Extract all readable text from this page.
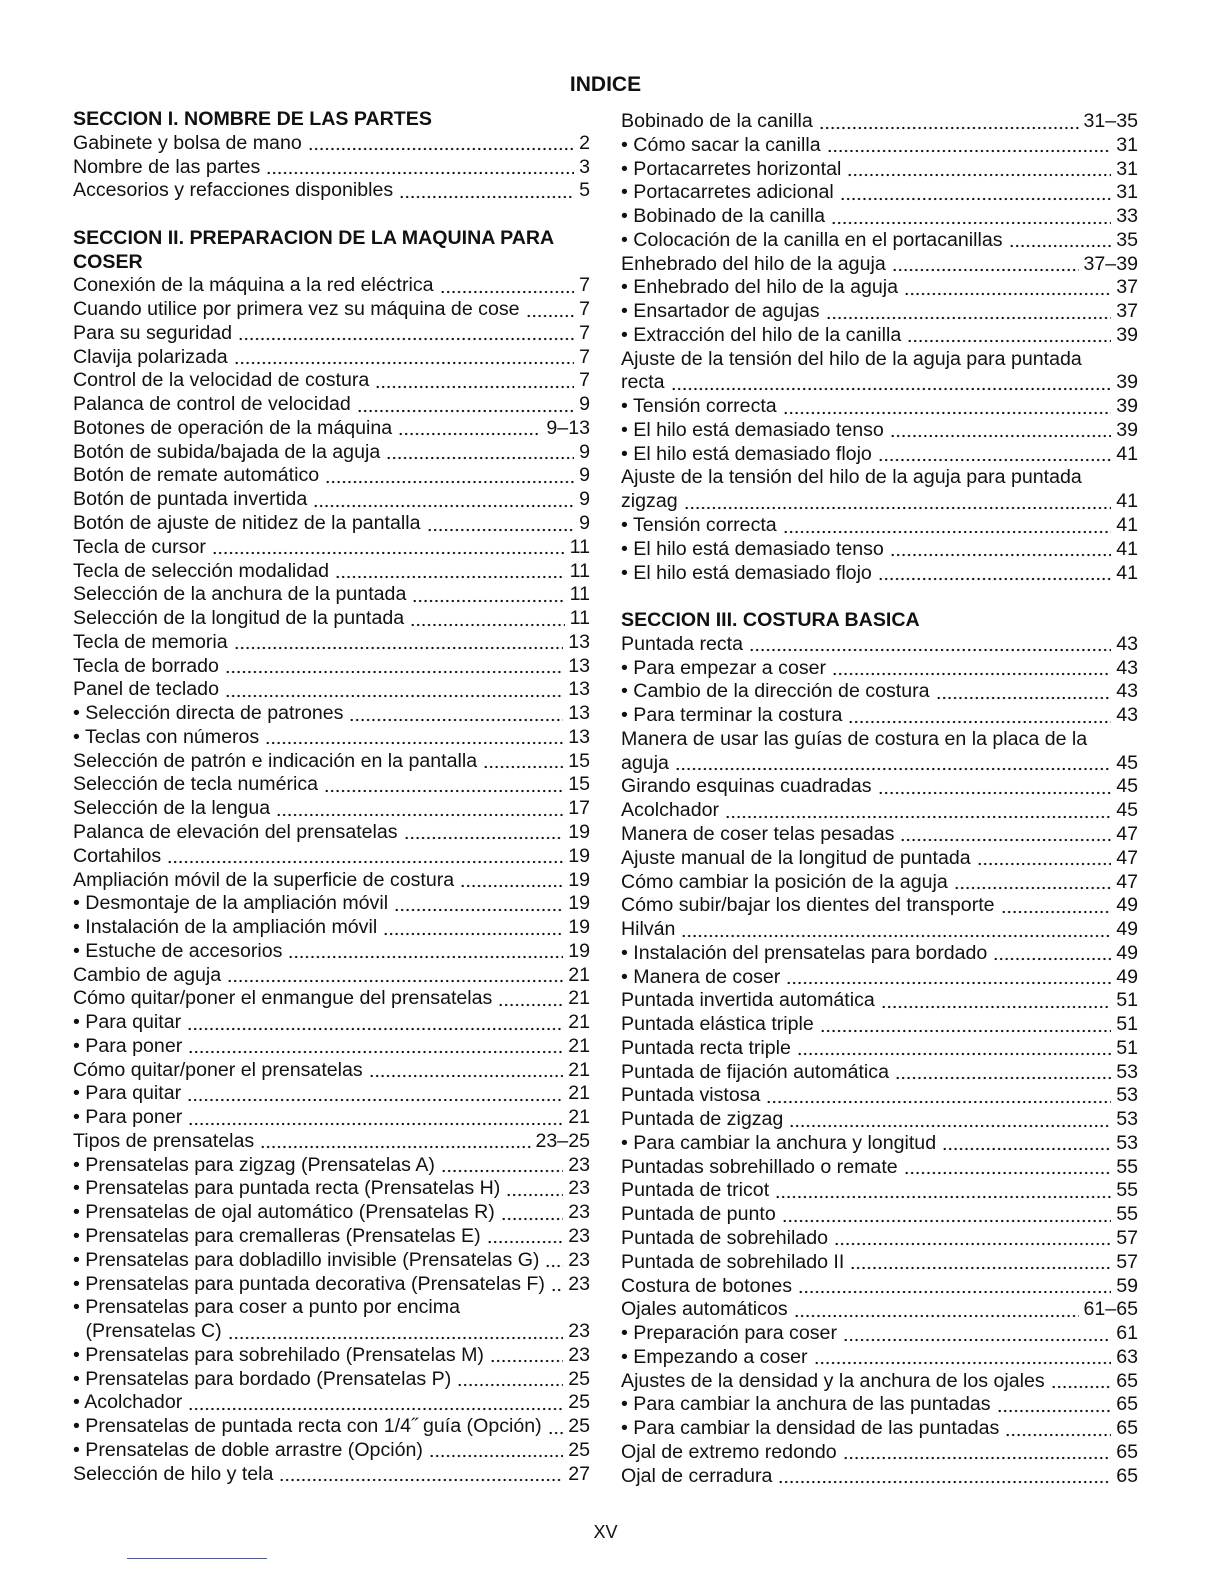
INDICE
SECCION I. NOMBRE DE LAS PARTES
Gabinete y bolsa de mano	2
Nombre de las partes	3
Accesorios y refacciones disponibles	5
SECCION II. PREPARACION DE LA MAQUINA PARA
COSER
Conexión de la máquina a la red eléctrica	7
Cuando utilice por primera vez su máquina de cose	7
Para su seguridad	7
Clavija polarizada	7
Control de la velocidad de costura	7
Palanca de control de velocidad	9
Botones de operación de la máquina	9–13
Botón de subida/bajada de la aguja	9
Botón de remate automático	9
Botón de puntada invertida	9
Botón de ajuste de nitidez de la pantalla	9
Tecla de cursor	11
Tecla de selección modalidad	11
Selección de la anchura de la puntada	11
Selección de la longitud de la puntada	11
Tecla de memoria	13
Tecla de borrado	13
Panel de teclado	13
• Selección directa de patrones	13
• Teclas con números	13
Selección de patrón e indicación en la pantalla	15
Selección de tecla numérica	15
Selección de la lengua	17
Palanca de elevación del prensatelas	19
Cortahilos	19
Ampliación móvil de la superficie de costura	19
• Desmontaje de la ampliación móvil	19
• Instalación de la ampliación móvil	19
• Estuche de accesorios	19
Cambio de aguja	21
Cómo quitar/poner el enmangue del prensatelas	21
• Para quitar	21
• Para poner	21
Cómo quitar/poner el prensatelas	21
• Para quitar	21
• Para poner	21
Tipos de prensatelas	23–25
• Prensatelas para zigzag (Prensatelas A)	23
• Prensatelas para puntada recta (Prensatelas H)	23
• Prensatelas de ojal automático (Prensatelas R)	23
• Prensatelas para cremalleras (Prensatelas E)	23
• Prensatelas para dobladillo invisible (Prensatelas G) 23
• Prensatelas para puntada decorativa (Prensatelas F) 23
• Prensatelas para coser a punto por encima
(Prensatelas C)	23
• Prensatelas para sobrehilado (Prensatelas M)	23
• Prensatelas para bordado (Prensatelas P)	25
• Acolchador	25
• Prensatelas de puntada recta con 1/4˝ guía (Opción) 25
• Prensatelas de doble arrastre (Opción)	25
Selección de hilo y tela	27
Bobinado de la canilla	31–35
• Cómo sacar la canilla	31
• Portacarretes horizontal	31
• Portacarretes adicional	31
• Bobinado de la canilla	33
• Colocación de la canilla en el portacanillas	35
Enhebrado del hilo de la aguja	37–39
• Enhebrado del hilo de la aguja	37
• Ensartador de agujas	37
• Extracción del hilo de la canilla	39
Ajuste de la tensión del hilo de la aguja para puntada
recta	39
• Tensión correcta	39
• El hilo está demasiado tenso	39
• El hilo está demasiado flojo	41
Ajuste de la tensión del hilo de la aguja para puntada
zigzag	41
• Tensión correcta	41
• El hilo está demasiado tenso	41
• El hilo está demasiado flojo	41
SECCION III. COSTURA BASICA
Puntada recta	43
• Para empezar a coser	43
• Cambio de la dirección de costura	43
• Para terminar la costura	43
Manera de usar las guías de costura en la placa de la
aguja	45
Girando esquinas cuadradas	45
Acolchador	45
Manera de coser telas pesadas	47
Ajuste manual de la longitud de puntada	47
Cómo cambiar la posición de la aguja	47
Cómo subir/bajar los dientes del transporte	49
Hilván	49
• Instalación del prensatelas para bordado	49
• Manera de coser	49
Puntada invertida automática	51
Puntada elástica triple	51
Puntada recta triple	51
Puntada de fijación automática	53
Puntada vistosa	53
Puntada de zigzag	53
• Para cambiar la anchura y longitud	53
Puntadas sobrehillado o remate	55
Puntada de tricot	55
Puntada de punto	55
Puntada de sobrehilado	57
Puntada de sobrehilado II	57
Costura de botones	59
Ojales automáticos	61–65
• Preparación para coser	61
• Empezando a coser	63
Ajustes de la densidad y la anchura de los ojales	65
• Para cambiar la anchura de las puntadas	65
• Para cambiar la densidad de las puntadas	65
Ojal de extremo redondo	65
Ojal de cerradura	65
XV
